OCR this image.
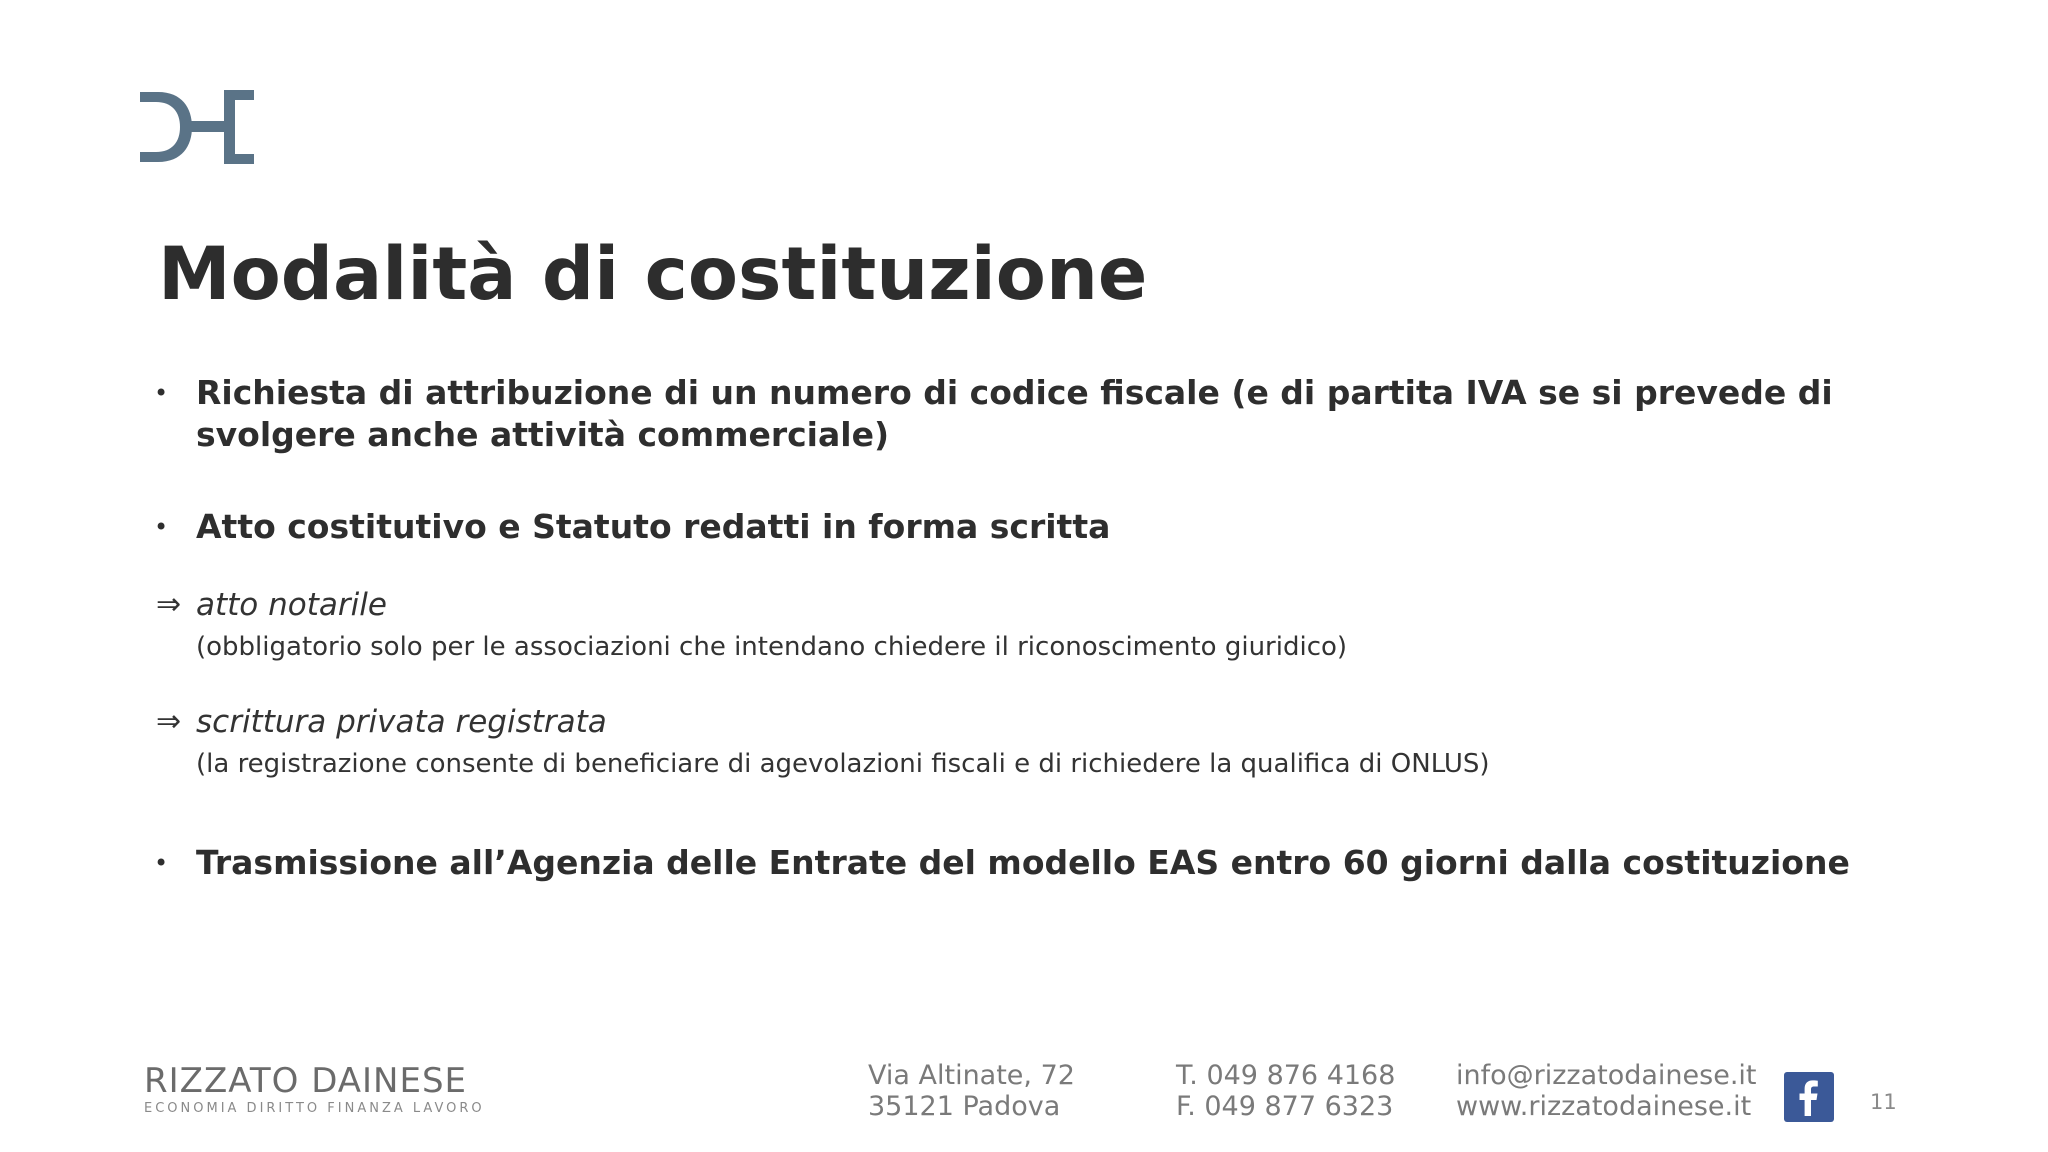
Modalità di costituzione
• Richiesta di attribuzione di un numero di codice fiscale (e di partita IVA se si prevede di svolgere anche attività commerciale)
• Atto costitutivo e Statuto redatti in forma scritta
⇒ atto notarile
(obbligatorio solo per le associazioni che intendano chiedere il riconoscimento giuridico)
⇒ scrittura privata registrata
(la registrazione consente di beneficiare di agevolazioni fiscali e di richiedere la qualifica di ONLUS)
• Trasmissione all’Agenzia delle Entrate del modello EAS entro 60 giorni dalla costituzione
RIZZATO DAINESE
ECONOMIA DIRITTO FINANZA LAVORO
Via Altinate, 72
35121 Padova
T. 049 876 4168
F. 049 877 6323
info@rizzatodainese.it
www.rizzatodainese.it	11
